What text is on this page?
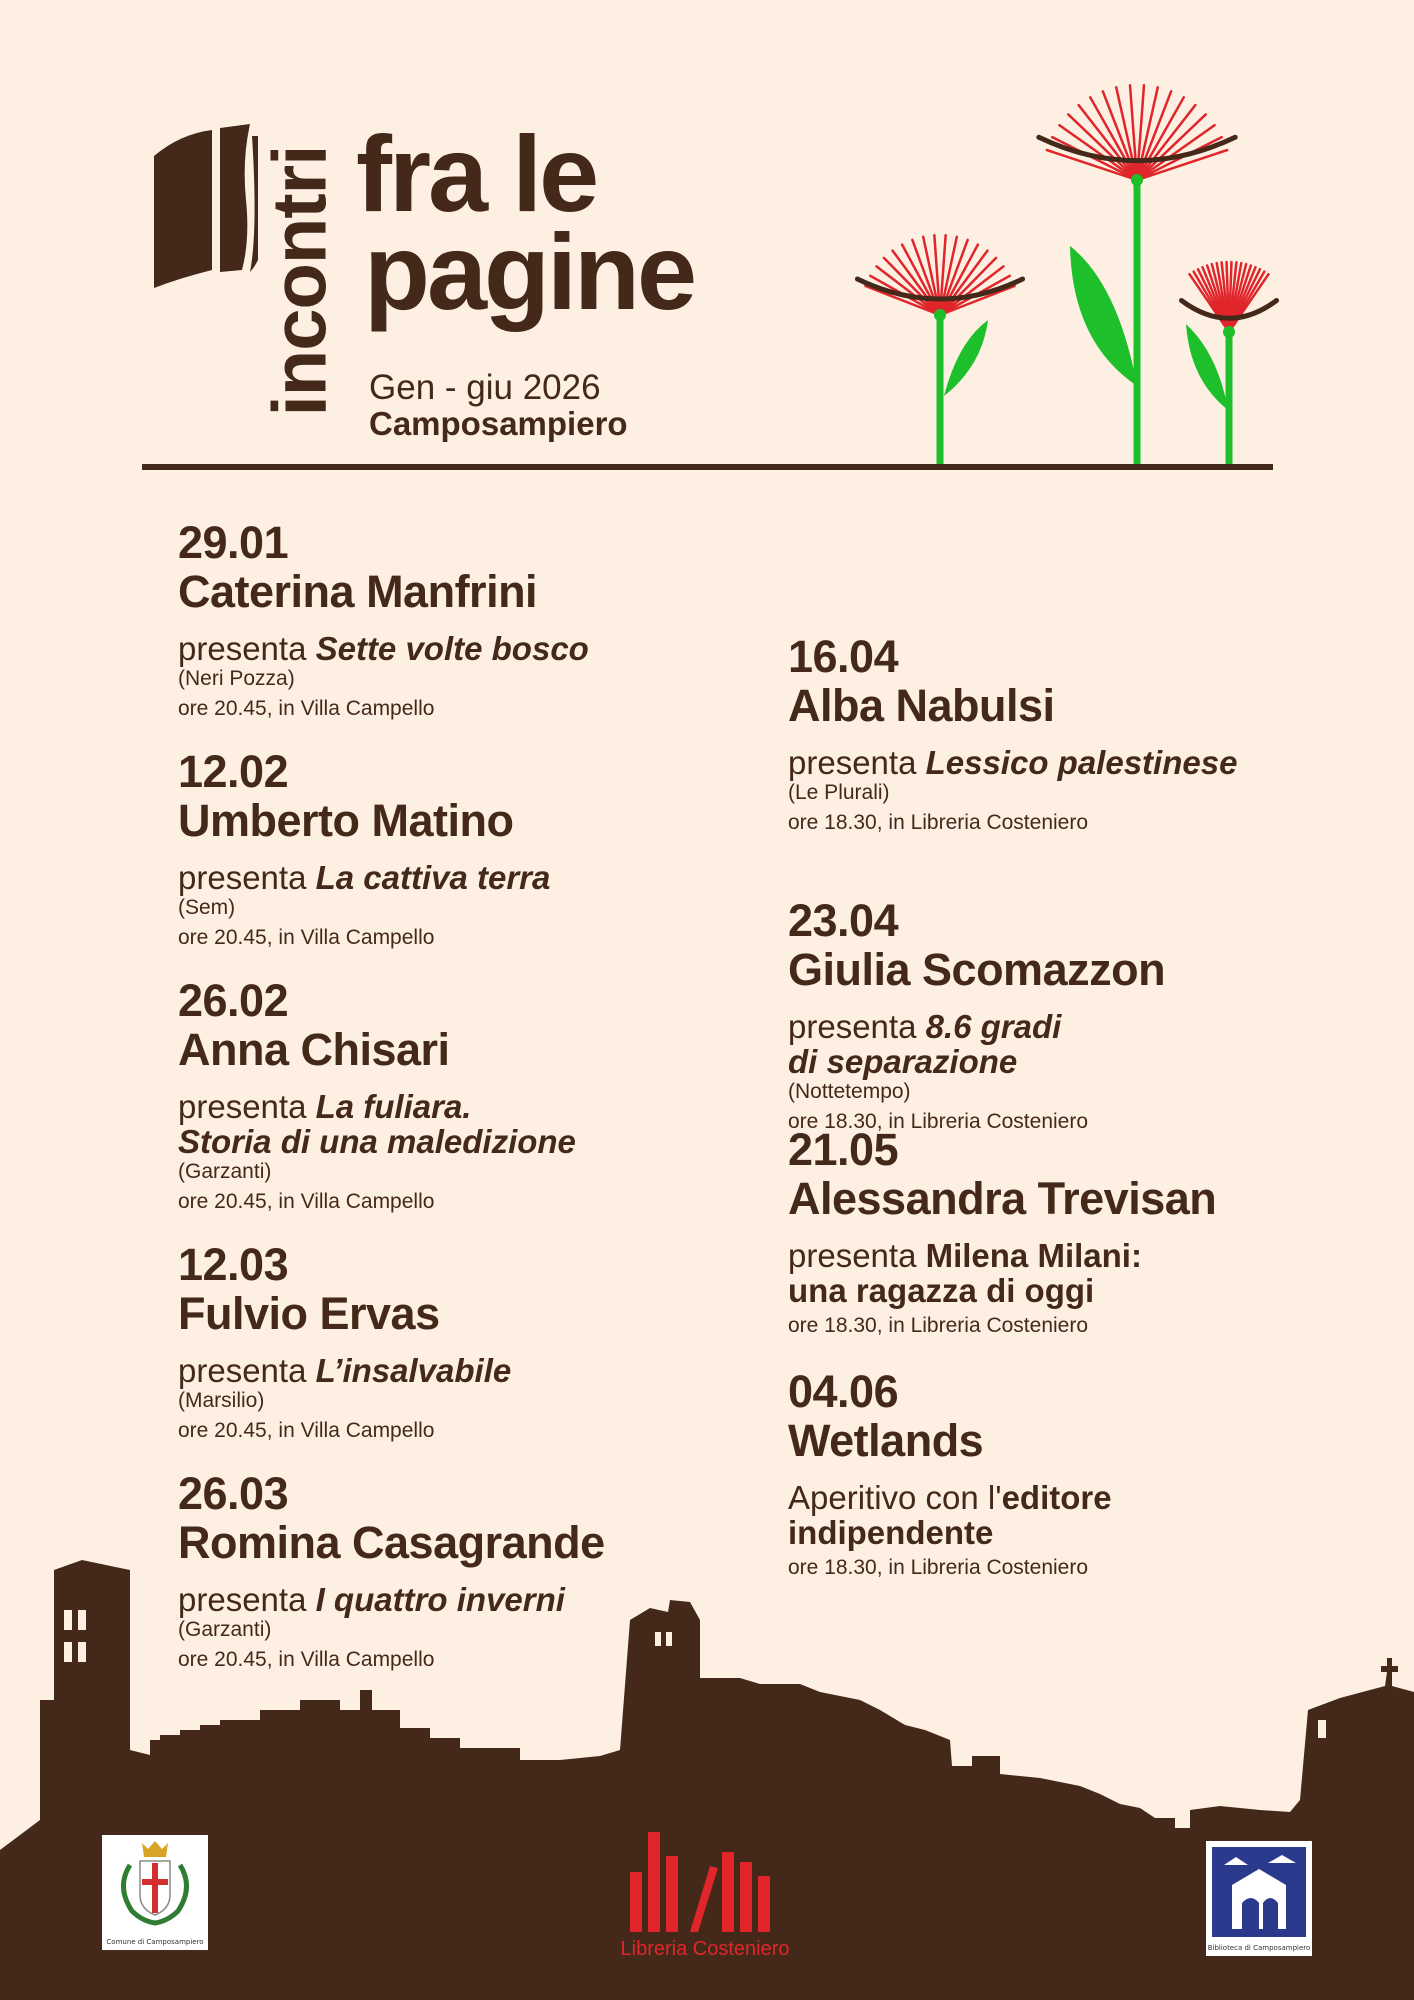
incontri fra le
pagine
Gen - giu 2026
Camposampiero
29.01
Caterina Manfrini
presenta Sette volte bosco
(Neri Pozza)
ore 20.45, in Villa Campello
12.02
Umberto Matino
presenta La cattiva terra
(Sem)
ore 20.45, in Villa Campello
26.02
Anna Chisari
presenta La fuliara.
Storia di una maledizione
(Garzanti)
ore 20.45, in Villa Campello
12.03
Fulvio Ervas
presenta L’insalvabile
(Marsilio)
ore 20.45, in Villa Campello
26.03
Romina Casagrande
presenta I quattro inverni
(Garzanti)
ore 20.45, in Villa Campello
16.04
Alba Nabulsi
presenta Lessico palestinese
(Le Plurali)
ore 18.30, in Libreria Costeniero
23.04
Giulia Scomazzon
presenta 8.6 gradi
di separazione
(Nottetempo)
ore 18.30, in Libreria Costeniero
21.05
Alessandra Trevisan
presenta Milena Milani:
una ragazza di oggi
ore 18.30, in Libreria Costeniero
04.06
Wetlands
Aperitivo con l'editore
indipendente
ore 18.30, in Libreria Costeniero
Comune di Camposampiero	Libreria Costeniero	Biblioteca di Camposampiero
